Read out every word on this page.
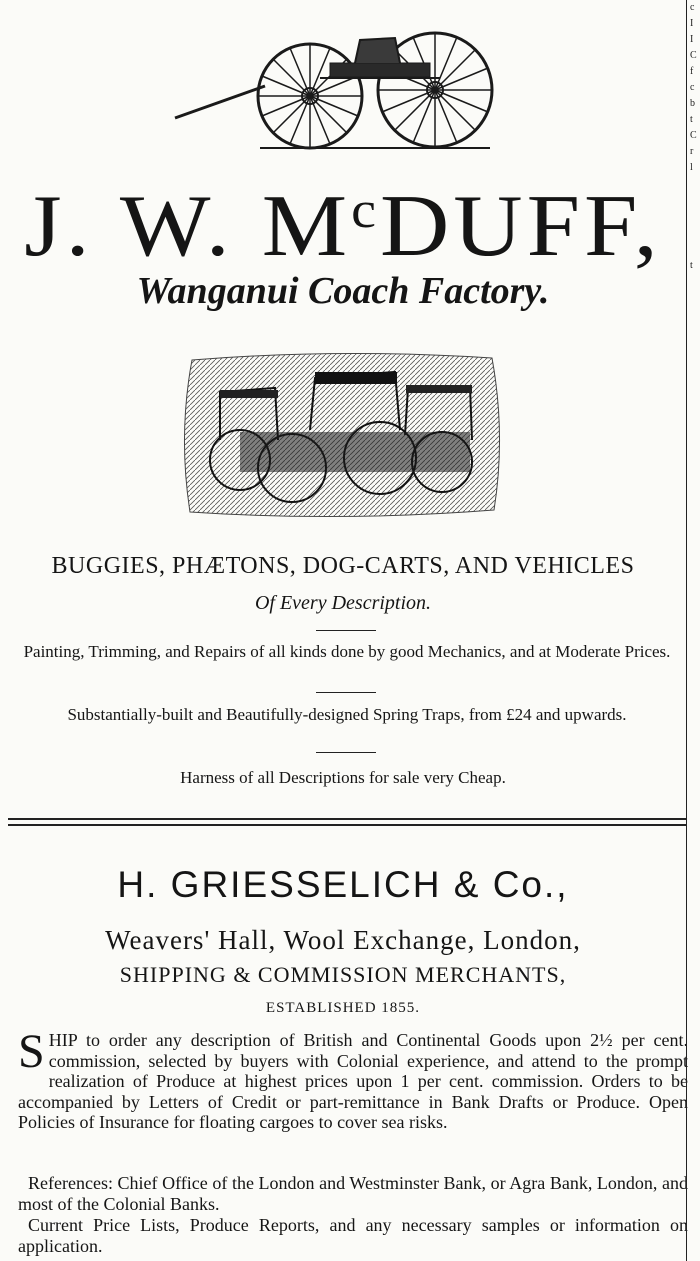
J. W. $M^cDUFF$,
Wanganui Coach Factory.
BUGGIES, PHÆTONS, DOG-CARTS, AND VEHICLES
Of Every Description.
Painting, Trimming, and Repairs of all kinds done by good Mechanics, and at Moderate Prices.
Substantially-built and Beautifully-designed Spring Traps, from £24 and upwards.
Harness of all Descriptions for sale very Cheap.
H. GRIESSELICH & Co.,
Weavers' Hall, Wool Exchange, London,
SHIPPING & COMMISSION MERCHANTS,
ESTABLISHED 1855.
SHIP to order any description of British and Continental Goods upon 2½ per cent. commission, selected by buyers with Colonial experience, and attend to the prompt realization of Produce at highest prices upon 1 per cent. commission. Orders to be accompanied by Letters of Credit or part-remittance in Bank Drafts or Produce. Open Policies of Insurance for floating cargoes to cover sea risks.
References: Chief Office of the London and Westminster Bank, or Agra Bank, London, and most of the Colonial Banks.
Current Price Lists, Produce Reports, and any necessary samples or information on application.
c
I
I
C
f
c
b
t
C
r
l
t
